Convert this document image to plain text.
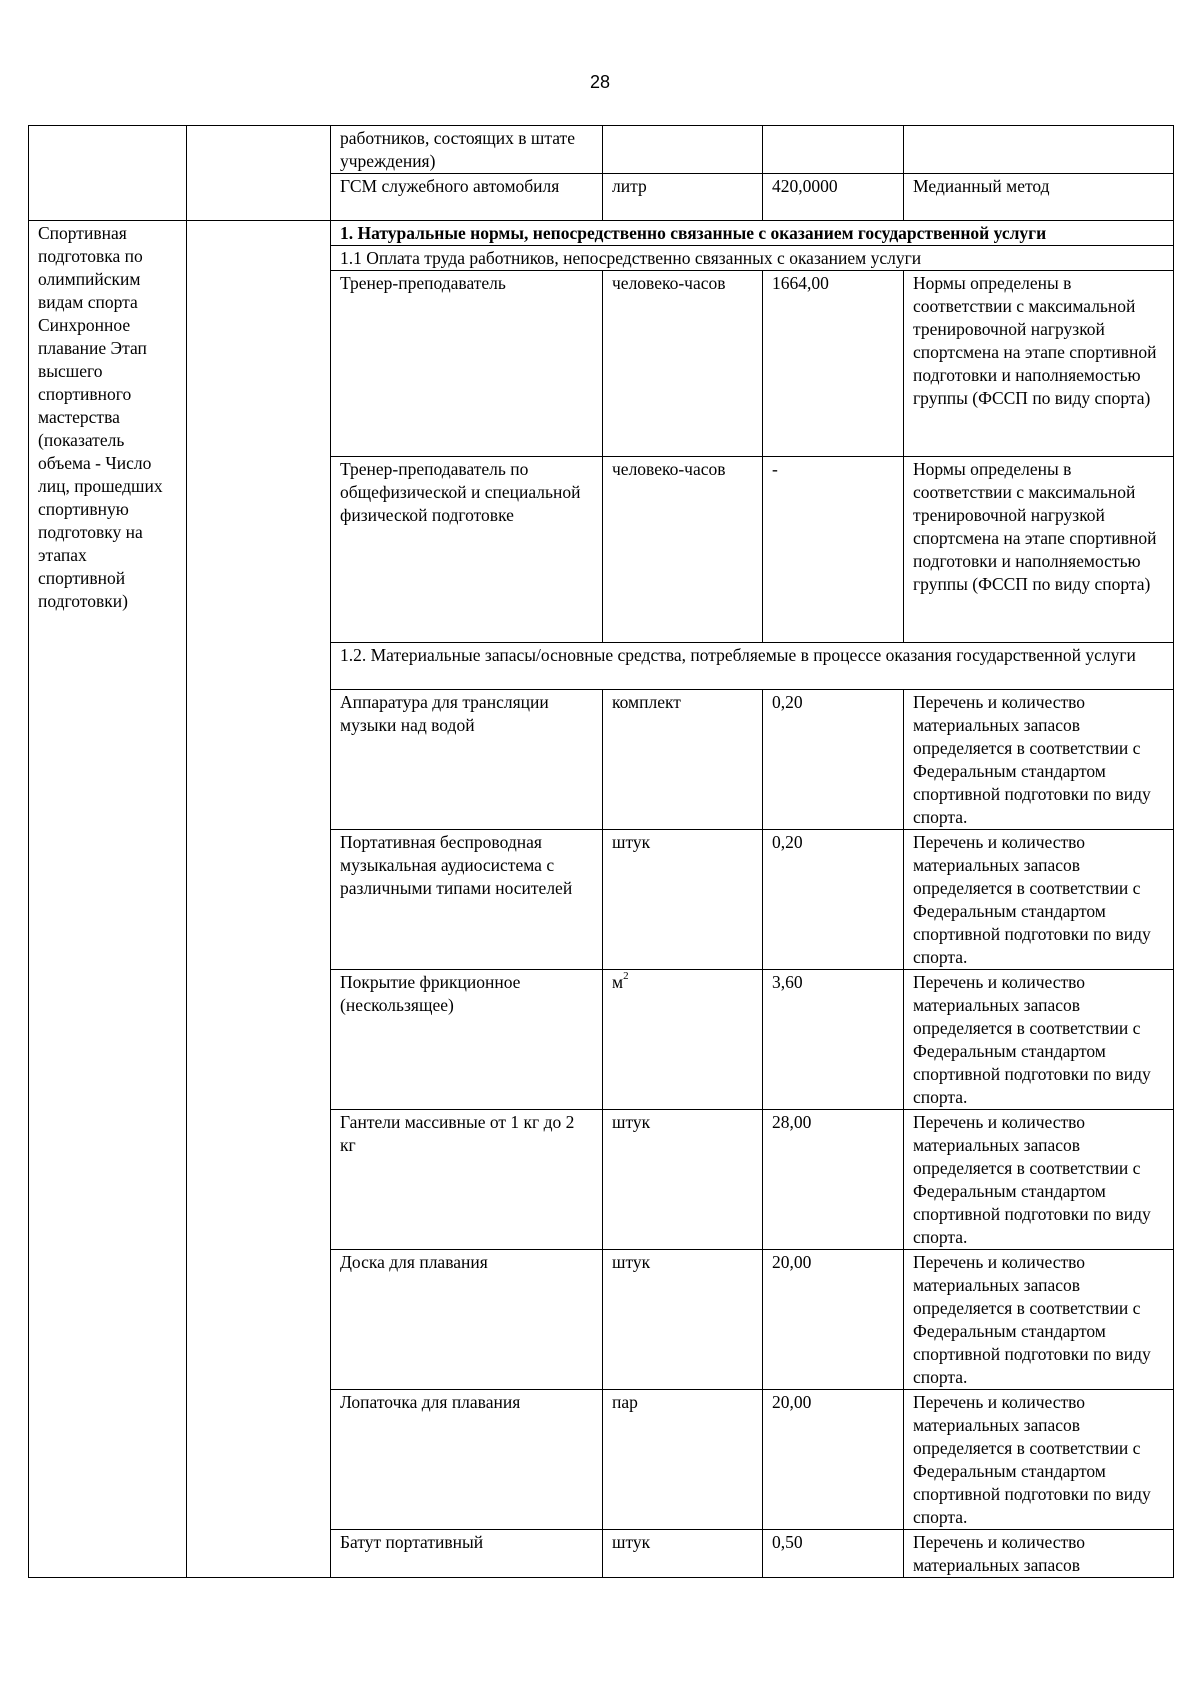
28
		работников, состоящих в штате учреждения)			
		ГСМ служебного автомобиля	литр	420,0000	Медианный метод
Спортивная подготовка по олимпийским видам спорта Синхронное плавание Этап высшего спортивного мастерства (показатель объема - Число лиц, прошедших спортивную подготовку на этапах спортивной подготовки)		1. Натуральные нормы, непосредственно связанные с оказанием государственной услуги			
		1.1 Оплата труда работников, непосредственно связанных с оказанием услуги			
		Тренер-преподаватель	человеко-часов	1664,00	Нормы определены в соответствии с максимальной тренировочной нагрузкой спортсмена на этапе спортивной подготовки и наполняемостью группы (ФССП по виду спорта)
		Тренер-преподаватель по общефизической и специальной физической подготовке	человеко-часов	-	Нормы определены в соответствии с максимальной тренировочной нагрузкой спортсмена на этапе спортивной подготовки и наполняемостью группы (ФССП по виду спорта)
		1.2. Материальные запасы/основные средства, потребляемые в процессе оказания государственной услуги			
		Аппаратура для трансляции музыки над водой	комплект	0,20	Перечень и количество материальных запасов определяется в соответствии с Федеральным стандартом спортивной подготовки по виду спорта.
		Портативная беспроводная музыкальная аудиосистема с различными типами носителей	штук	0,20	Перечень и количество материальных запасов определяется в соответствии с Федеральным стандартом спортивной подготовки по виду спорта.
		Покрытие фрикционное (нескользящее)	$м^2$	3,60	Перечень и количество материальных запасов определяется в соответствии с Федеральным стандартом спортивной подготовки по виду спорта.
		Гантели массивные от 1 кг до 2 кг	штук	28,00	Перечень и количество материальных запасов определяется в соответствии с Федеральным стандартом спортивной подготовки по виду спорта.
		Доска для плавания	штук	20,00	Перечень и количество материальных запасов определяется в соответствии с Федеральным стандартом спортивной подготовки по виду спорта.
		Лопаточка для плавания	пар	20,00	Перечень и количество материальных запасов определяется в соответствии с Федеральным стандартом спортивной подготовки по виду спорта.
		Батут портативный	штук	0,50	Перечень и количество материальных запасов
